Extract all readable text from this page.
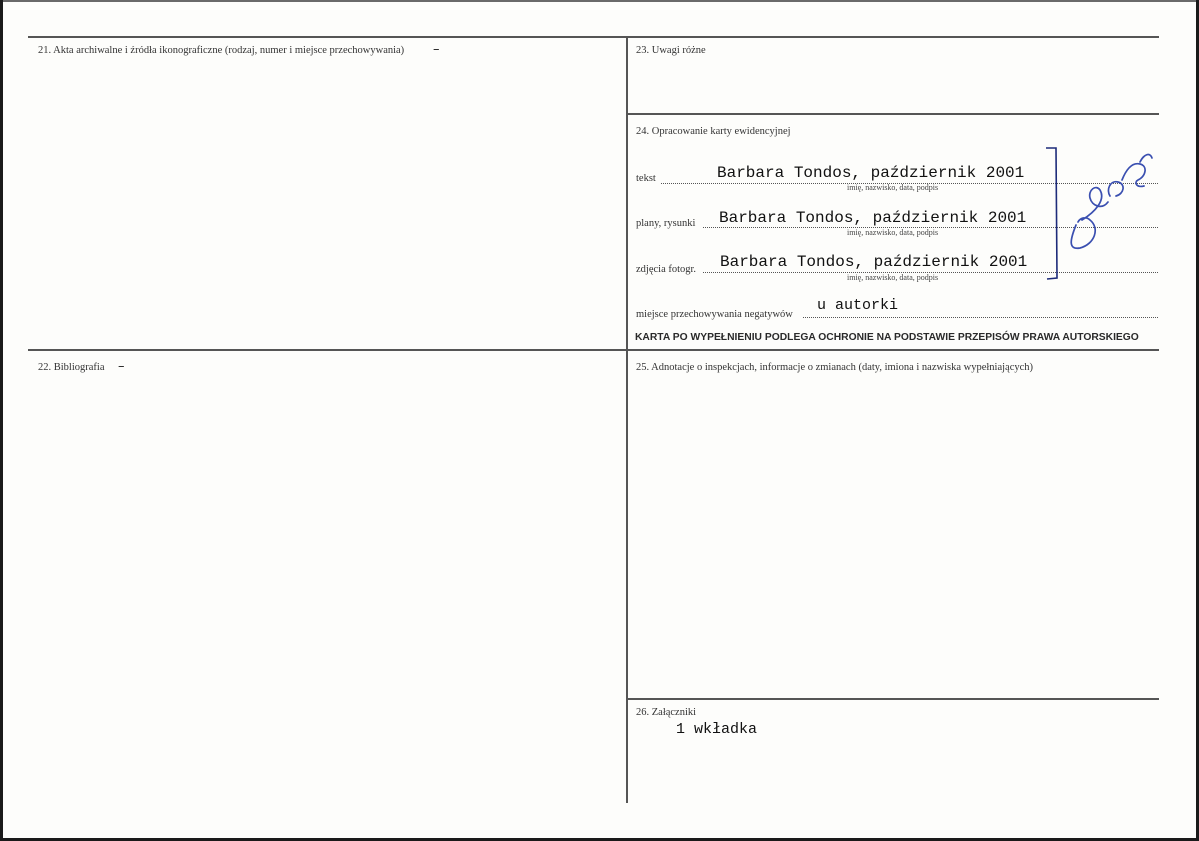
21. Akta archiwalne i źródła ikonograficzne (rodzaj, numer i miejsce przechowywania) –
22. Bibliografia –
23. Uwagi różne
24. Opracowanie karty ewidencyjnej
tekst	Barbara Tondos, październik 2001
imię, nazwisko, data, podpis
plany, rysunki Barbara Tondos, październik 2001
imię, nazwisko, data, podpis
zdjęcia fotogr. Barbara Tondos, październik 2001
imię, nazwisko, data, podpis
miejsce przechowywania negatywów
u autorki
KARTA PO WYPEŁNIENIU PODLEGA OCHRONIE NA PODSTAWIE PRZEPISÓW PRAWA AUTORSKIEGO
25. Adnotacje o inspekcjach, informacje o zmianach (daty, imiona i nazwiska wypełniających)
26. Załączniki
1 wkładka
